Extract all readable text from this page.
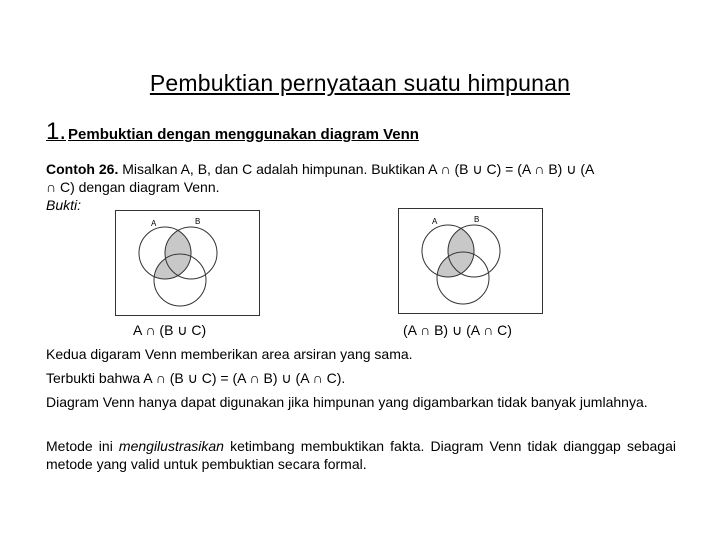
Pembuktian pernyataan suatu himpunan
1. Pembuktian dengan menggunakan diagram Venn
Contoh 26. Misalkan A, B, dan C adalah himpunan. Buktikan A ∩ (B ∪ C) = (A ∩ B) ∪ (A
∩ C) dengan diagram Venn.
Bukti:
A	B	A	B
A ∩ (B ∪ C)	(A ∩ B) ∪ (A ∩ C)
Kedua digaram Venn memberikan area arsiran yang sama.
Terbukti bahwa A ∩ (B ∪ C) = (A ∩ B) ∪ (A ∩ C).
Diagram Venn hanya dapat digunakan jika himpunan yang digambarkan tidak banyak jumlahnya.
Metode ini mengilustrasikan ketimbang membuktikan fakta. Diagram Venn tidak dianggap sebagai metode yang valid untuk pembuktian secara formal.
